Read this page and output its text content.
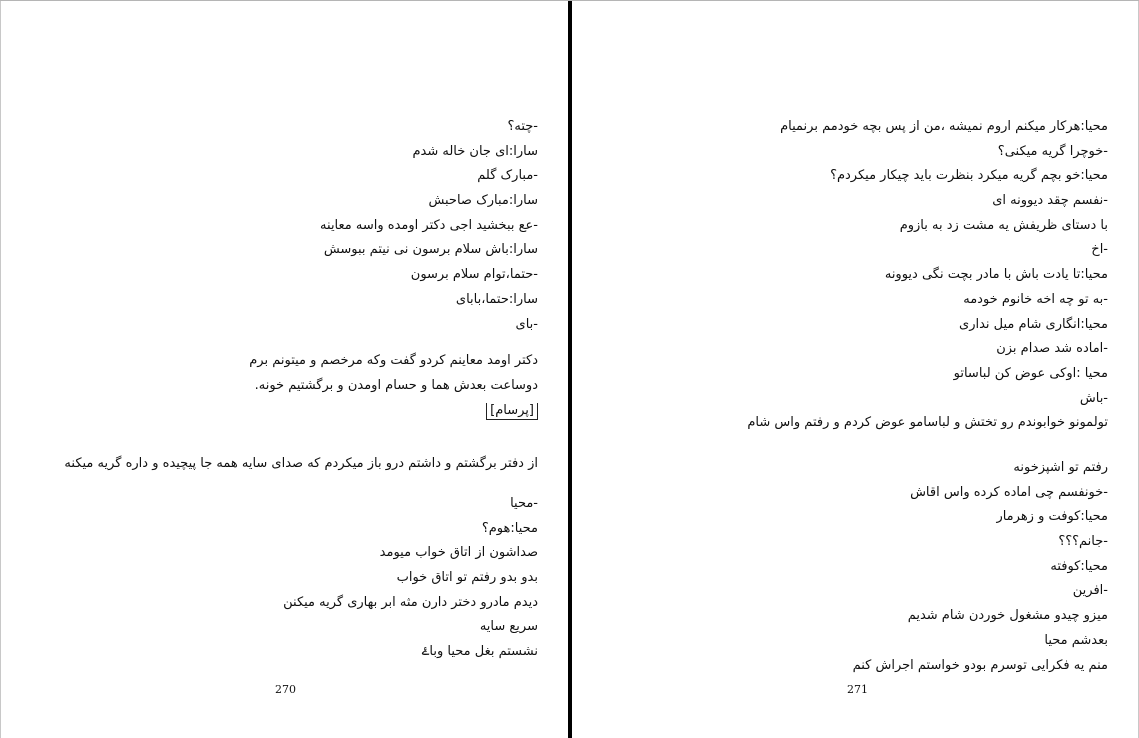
-چته؟
سارا:ای جان خاله شدم
-مبارک گلم
سارا:مبارک صاحبش
-عع ببخشید اجی دکتر اومده واسه معاینه
سارا:باش سلام برسون نی نیتم ببوسش
-حتما،توام سلام برسون
سارا:حتما،بابای
-بای
دکتر اومد معاینم کردو گفت وکه مرخصم و میتونم برم
دوساعت بعدش هما و حسام اومدن و برگشتیم خونه.
[پرسام]
از دفتر برگشتم و داشتم درو باز میکردم که صدای سایه همه جا پیچیده و داره گریه میکنه
-محیا
محیا:هوم؟
صداشون از اتاق خواب میومد
بدو بدو رفتم تو اتاق خواب
دیدم مادرو دختر دارن مثه ابر بهاری گریه میکنن
سریع سایه
نشستم بغل محیا وباۓ
270
محیا:هرکار میکنم اروم نمیشه ،من از پس بچه خودمم برنمیام
-خوچرا گریه میکنی؟
محیا:خو بچم گریه میکرد بنظرت باید چیکار میکردم؟
-نفسم چقد دیوونه ای
با دستای ظریفش یه مشت زد به بازوم
-اخ
محیا:تا یادت باش با مادر بچت نگی دیوونه
-به تو چه اخه خانوم خودمه
محیا:انگاری شام میل نداری
-اماده شد صدام بزن
محیا :اوکی عوض کن لباساتو
-باش
تولمونو خوابوندم رو تختش و لباسامو عوض کردم و رفتم واس شام
رفتم تو اشپزخونه
-خونفسم چی اماده کرده واس اقاش
محیا:کوفت و زهرمار
-جانم؟؟؟
محیا:کوفته
-افرین
میزو چیدو مشغول خوردن شام شدیم
بعدشم محیا
منم یه فکرایی توسرم بودو خواستم اجراش کنم
271
